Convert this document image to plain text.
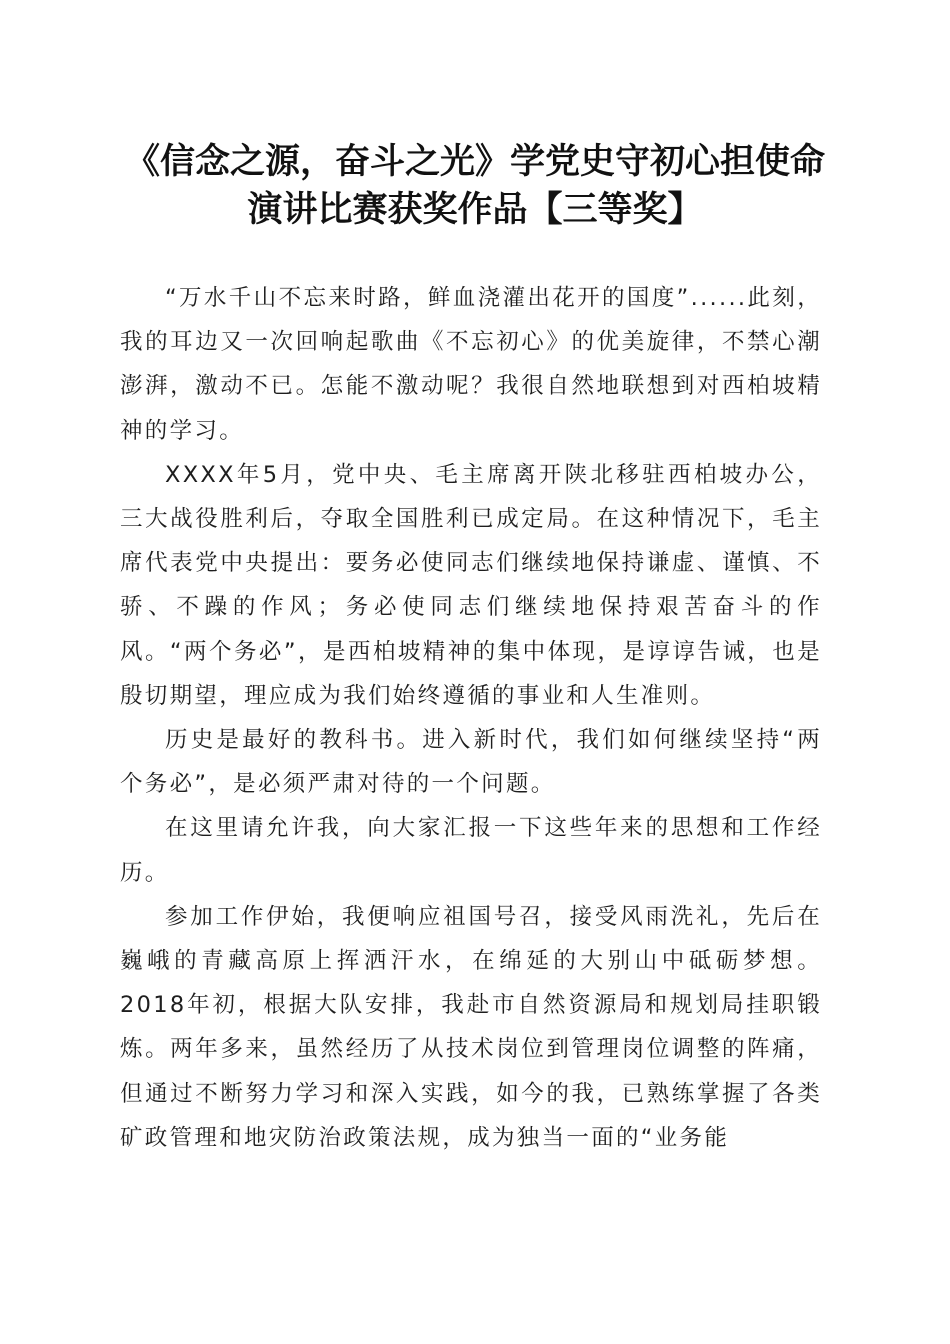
《信念之源，奋斗之光》学党史守初心担使命
演讲比赛获奖作品【三等奖】

“万水千山不忘来时路，鲜血浇灌出花开的国度”......此刻，我的耳边又一次回响起歌曲《不忘初心》的优美旋律，不禁心潮澎湃，激动不已。怎能不激动呢？我很自然地联想到对西柏坡精神的学习。

XXXX年5月，党中央、毛主席离开陕北移驻西柏坡办公，三大战役胜利后，夺取全国胜利已成定局。在这种情况下，毛主席代表党中央提出：要务必使同志们继续地保持谦虚、谨慎、不骄、不躁的作风；务必使同志们继续地保持艰苦奋斗的作风。“两个务必”，是西柏坡精神的集中体现，是谆谆告诫，也是殷切期望，理应成为我们始终遵循的事业和人生准则。

历史是最好的教科书。进入新时代，我们如何继续坚持“两个务必”，是必须严肃对待的一个问题。

在这里请允许我，向大家汇报一下这些年来的思想和工作经历。

参加工作伊始，我便响应祖国号召，接受风雨洗礼，先后在巍峨的青藏高原上挥洒汗水，在绵延的大别山中砥砺梦想。2018年初，根据大队安排，我赴市自然资源局和规划局挂职锻炼。两年多来，虽然经历了从技术岗位到管理岗位调整的阵痛，但通过不断努力学习和深入实践，如今的我，已熟练掌握了各类矿政管理和地灾防治政策法规，成为独当一面的“业务能
